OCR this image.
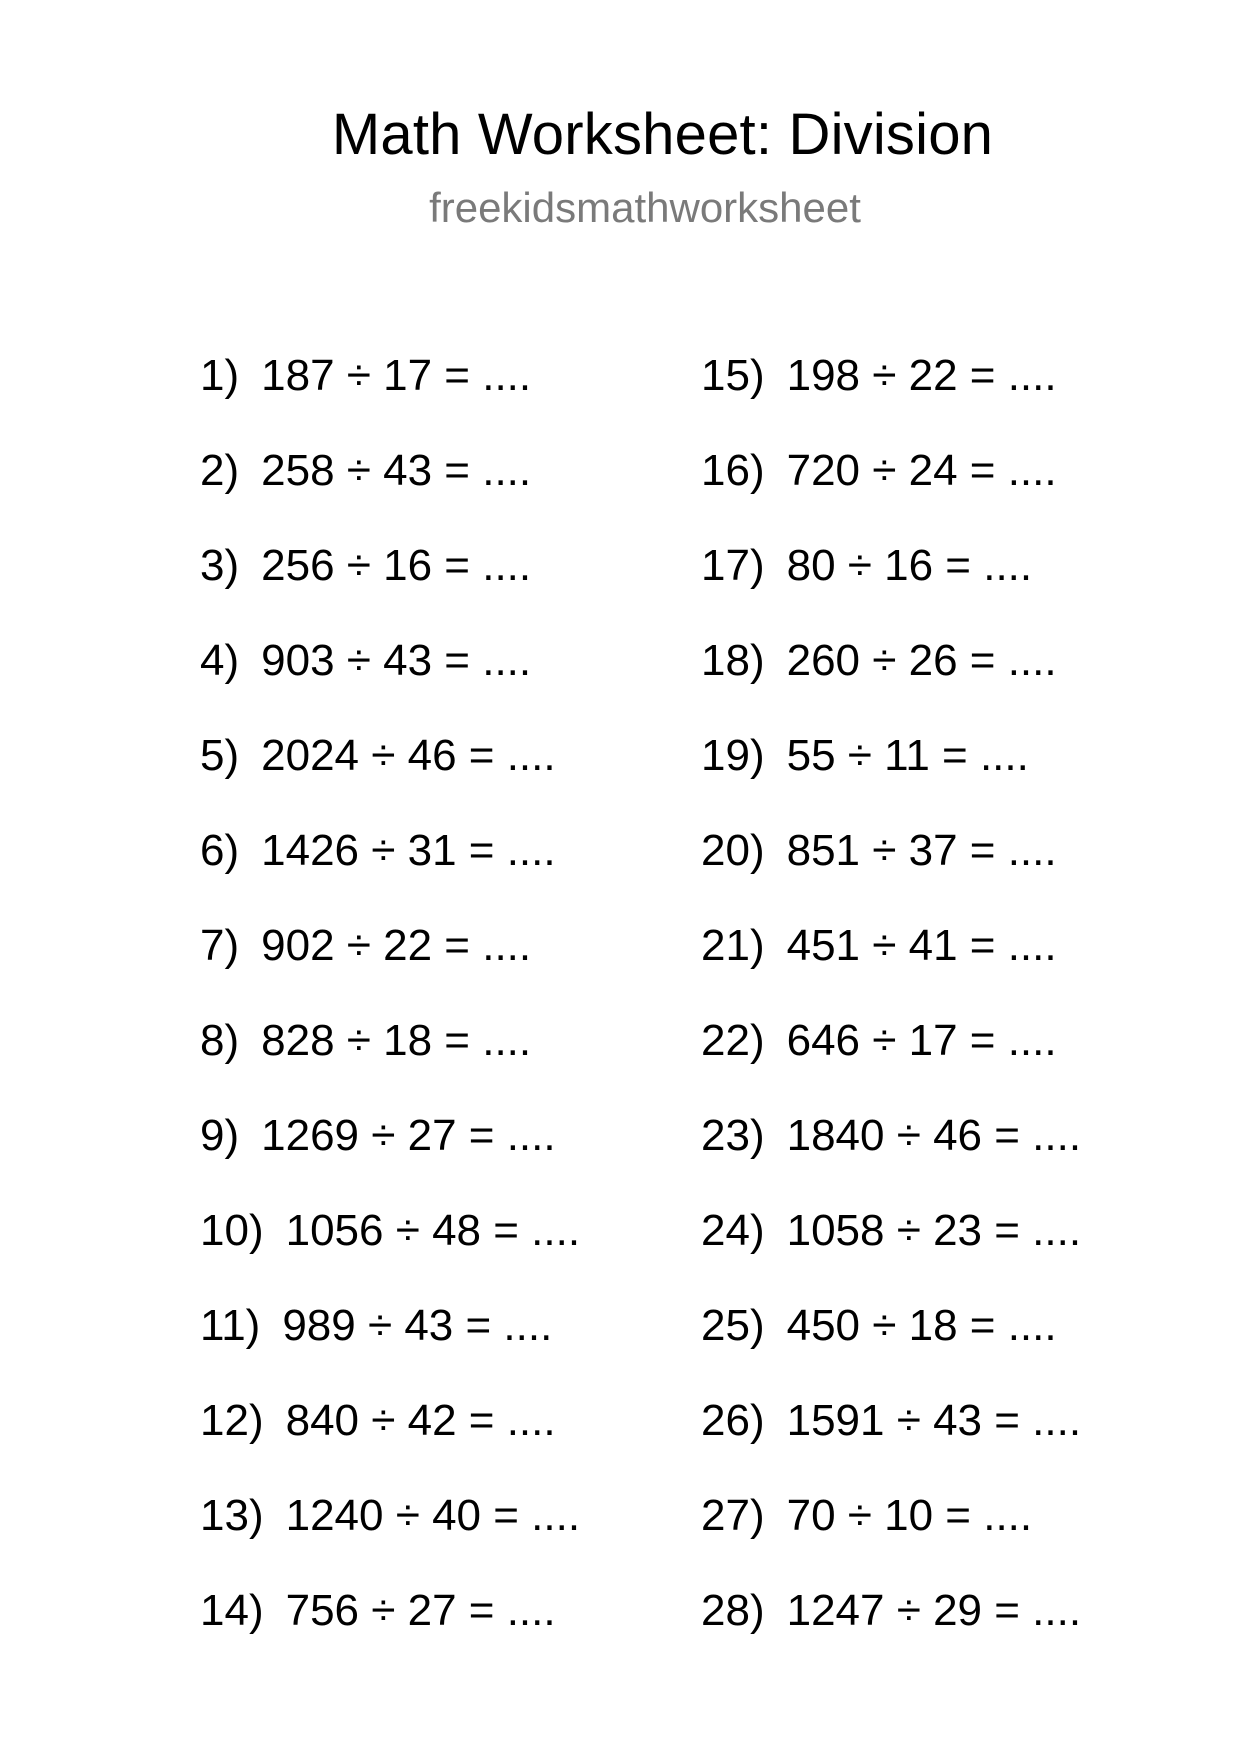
Math Worksheet: Division
freekidsmathworksheet
1) 187 ÷ 17 = ....
2) 258 ÷ 43 = ....
3) 256 ÷ 16 = ....
4) 903 ÷ 43 = ....
5) 2024 ÷ 46 = ....
6) 1426 ÷ 31 = ....
7) 902 ÷ 22 = ....
8) 828 ÷ 18 = ....
9) 1269 ÷ 27 = ....
10) 1056 ÷ 48 = ....
11) 989 ÷ 43 = ....
12) 840 ÷ 42 = ....
13) 1240 ÷ 40 = ....
14) 756 ÷ 27 = ....
15) 198 ÷ 22 = ....
16) 720 ÷ 24 = ....
17) 80 ÷ 16 = ....
18) 260 ÷ 26 = ....
19) 55 ÷ 11 = ....
20) 851 ÷ 37 = ....
21) 451 ÷ 41 = ....
22) 646 ÷ 17 = ....
23) 1840 ÷ 46 = ....
24) 1058 ÷ 23 = ....
25) 450 ÷ 18 = ....
26) 1591 ÷ 43 = ....
27) 70 ÷ 10 = ....
28) 1247 ÷ 29 = ....
